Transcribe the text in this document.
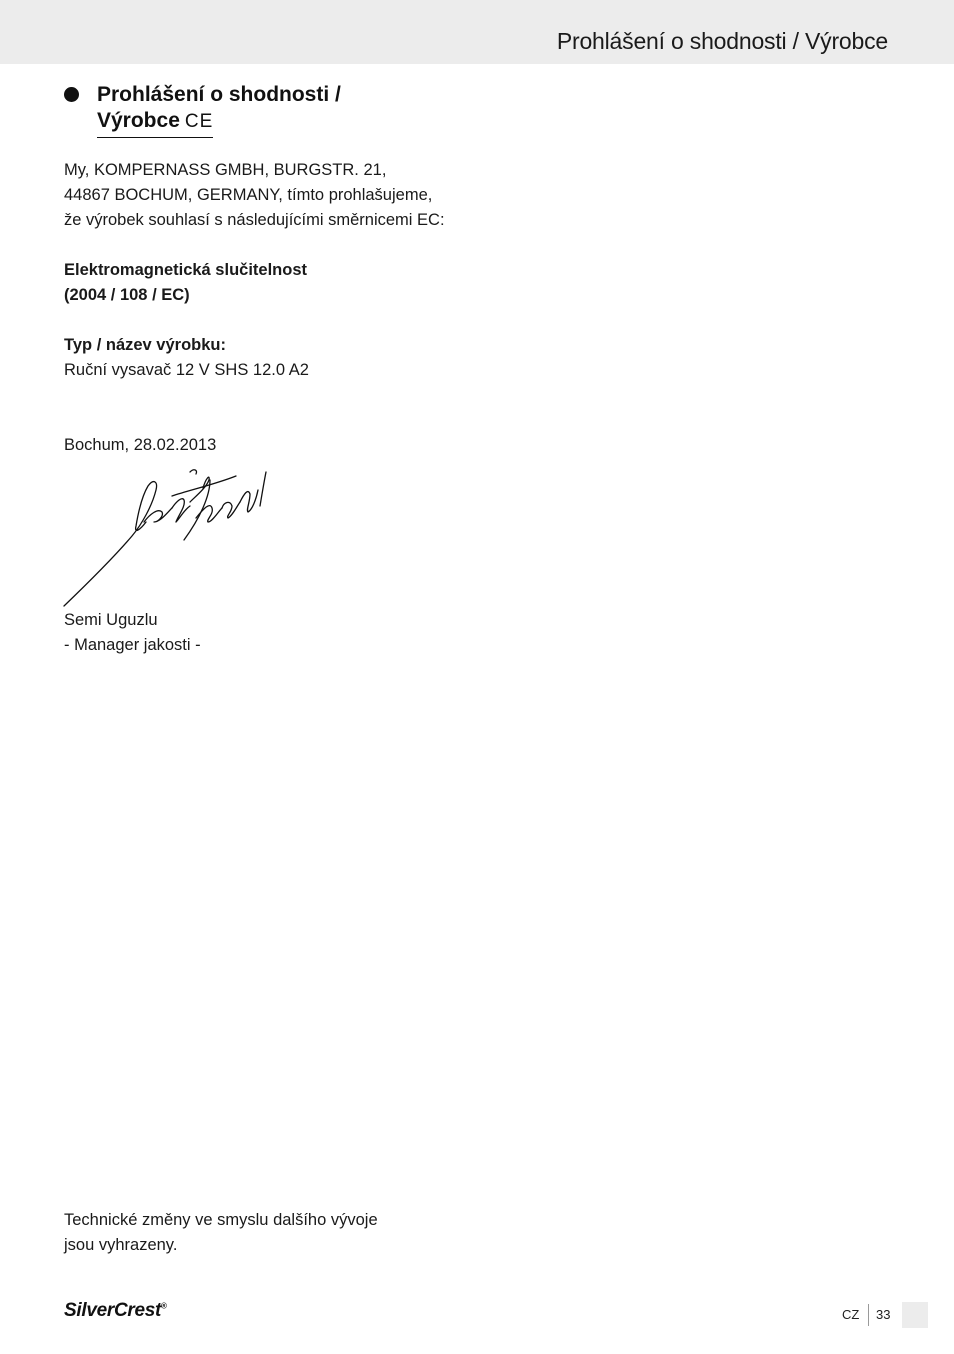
Prohlášení o shodnosti / Výrobce
Prohlášení o shodnosti /
Výrobce CE
My, KOMPERNASS GMBH, BURGSTR. 21,
44867 BOCHUM, GERMANY, tímto prohlašujeme,
že výrobek souhlasí s následujícími směrnicemi EC:
Elektromagnetická slučitelnost
(2004 / 108 / EC)
Typ / název výrobku:
Ruční vysavač 12 V SHS 12.0 A2
Bochum, 28.02.2013
Semi Uguzlu
- Manager jakosti -
Technické změny ve smyslu dalšího vývoje
jsou vyhrazeny.
SilverCrest®
CZ 33
